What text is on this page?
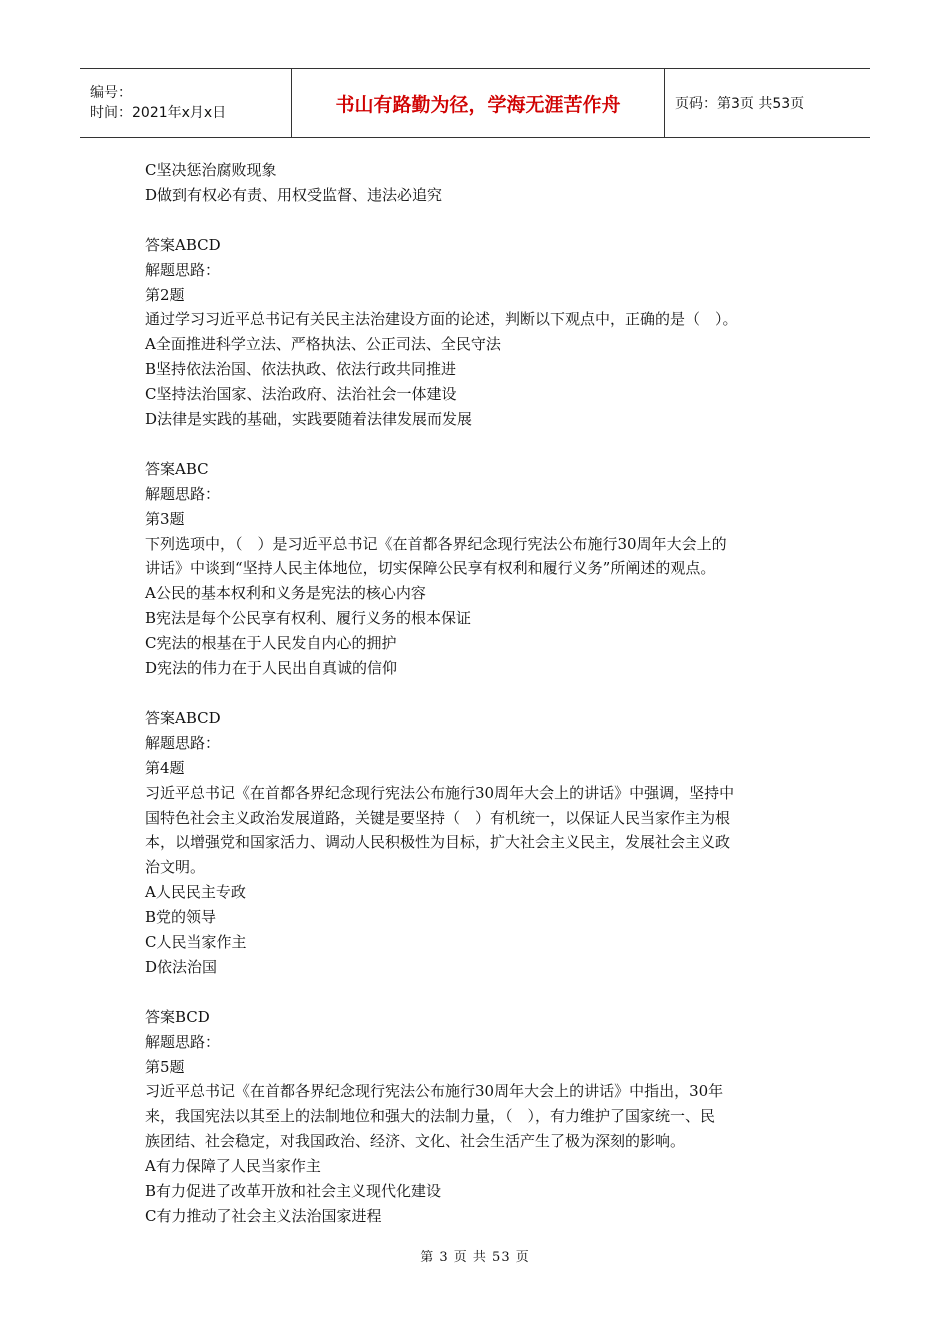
编号：
时间：2021年x月x日	书山有路勤为径，学海无涯苦作舟	页码：第3页 共53页
C坚决惩治腐败现象
D做到有权必有责、用权受监督、违法必追究
答案ABCD
解题思路：
第2题
通过学习习近平总书记有关民主法治建设方面的论述，判断以下观点中，正确的是（　）。
A全面推进科学立法、严格执法、公正司法、全民守法
B坚持依法治国、依法执政、依法行政共同推进
C坚持法治国家、法治政府、法治社会一体建设
D法律是实践的基础，实践要随着法律发展而发展
答案ABC
解题思路：
第3题
下列选项中，（　）是习近平总书记《在首都各界纪念现行宪法公布施行30周年大会上的
讲话》中谈到“坚持人民主体地位，切实保障公民享有权利和履行义务”所阐述的观点。
A公民的基本权利和义务是宪法的核心内容
B宪法是每个公民享有权利、履行义务的根本保证
C宪法的根基在于人民发自内心的拥护
D宪法的伟力在于人民出自真诚的信仰
答案ABCD
解题思路：
第4题
习近平总书记《在首都各界纪念现行宪法公布施行30周年大会上的讲话》中强调，坚持中
国特色社会主义政治发展道路，关键是要坚持（　）有机统一，以保证人民当家作主为根
本，以增强党和国家活力、调动人民积极性为目标，扩大社会主义民主，发展社会主义政
治文明。
A人民民主专政
B党的领导
C人民当家作主
D依法治国
答案BCD
解题思路：
第5题
习近平总书记《在首都各界纪念现行宪法公布施行30周年大会上的讲话》中指出，30年
来，我国宪法以其至上的法制地位和强大的法制力量，（　），有力维护了国家统一、民
族团结、社会稳定，对我国政治、经济、文化、社会生活产生了极为深刻的影响。
A有力保障了人民当家作主
B有力促进了改革开放和社会主义现代化建设
C有力推动了社会主义法治国家进程
第 3 页 共 53 页
